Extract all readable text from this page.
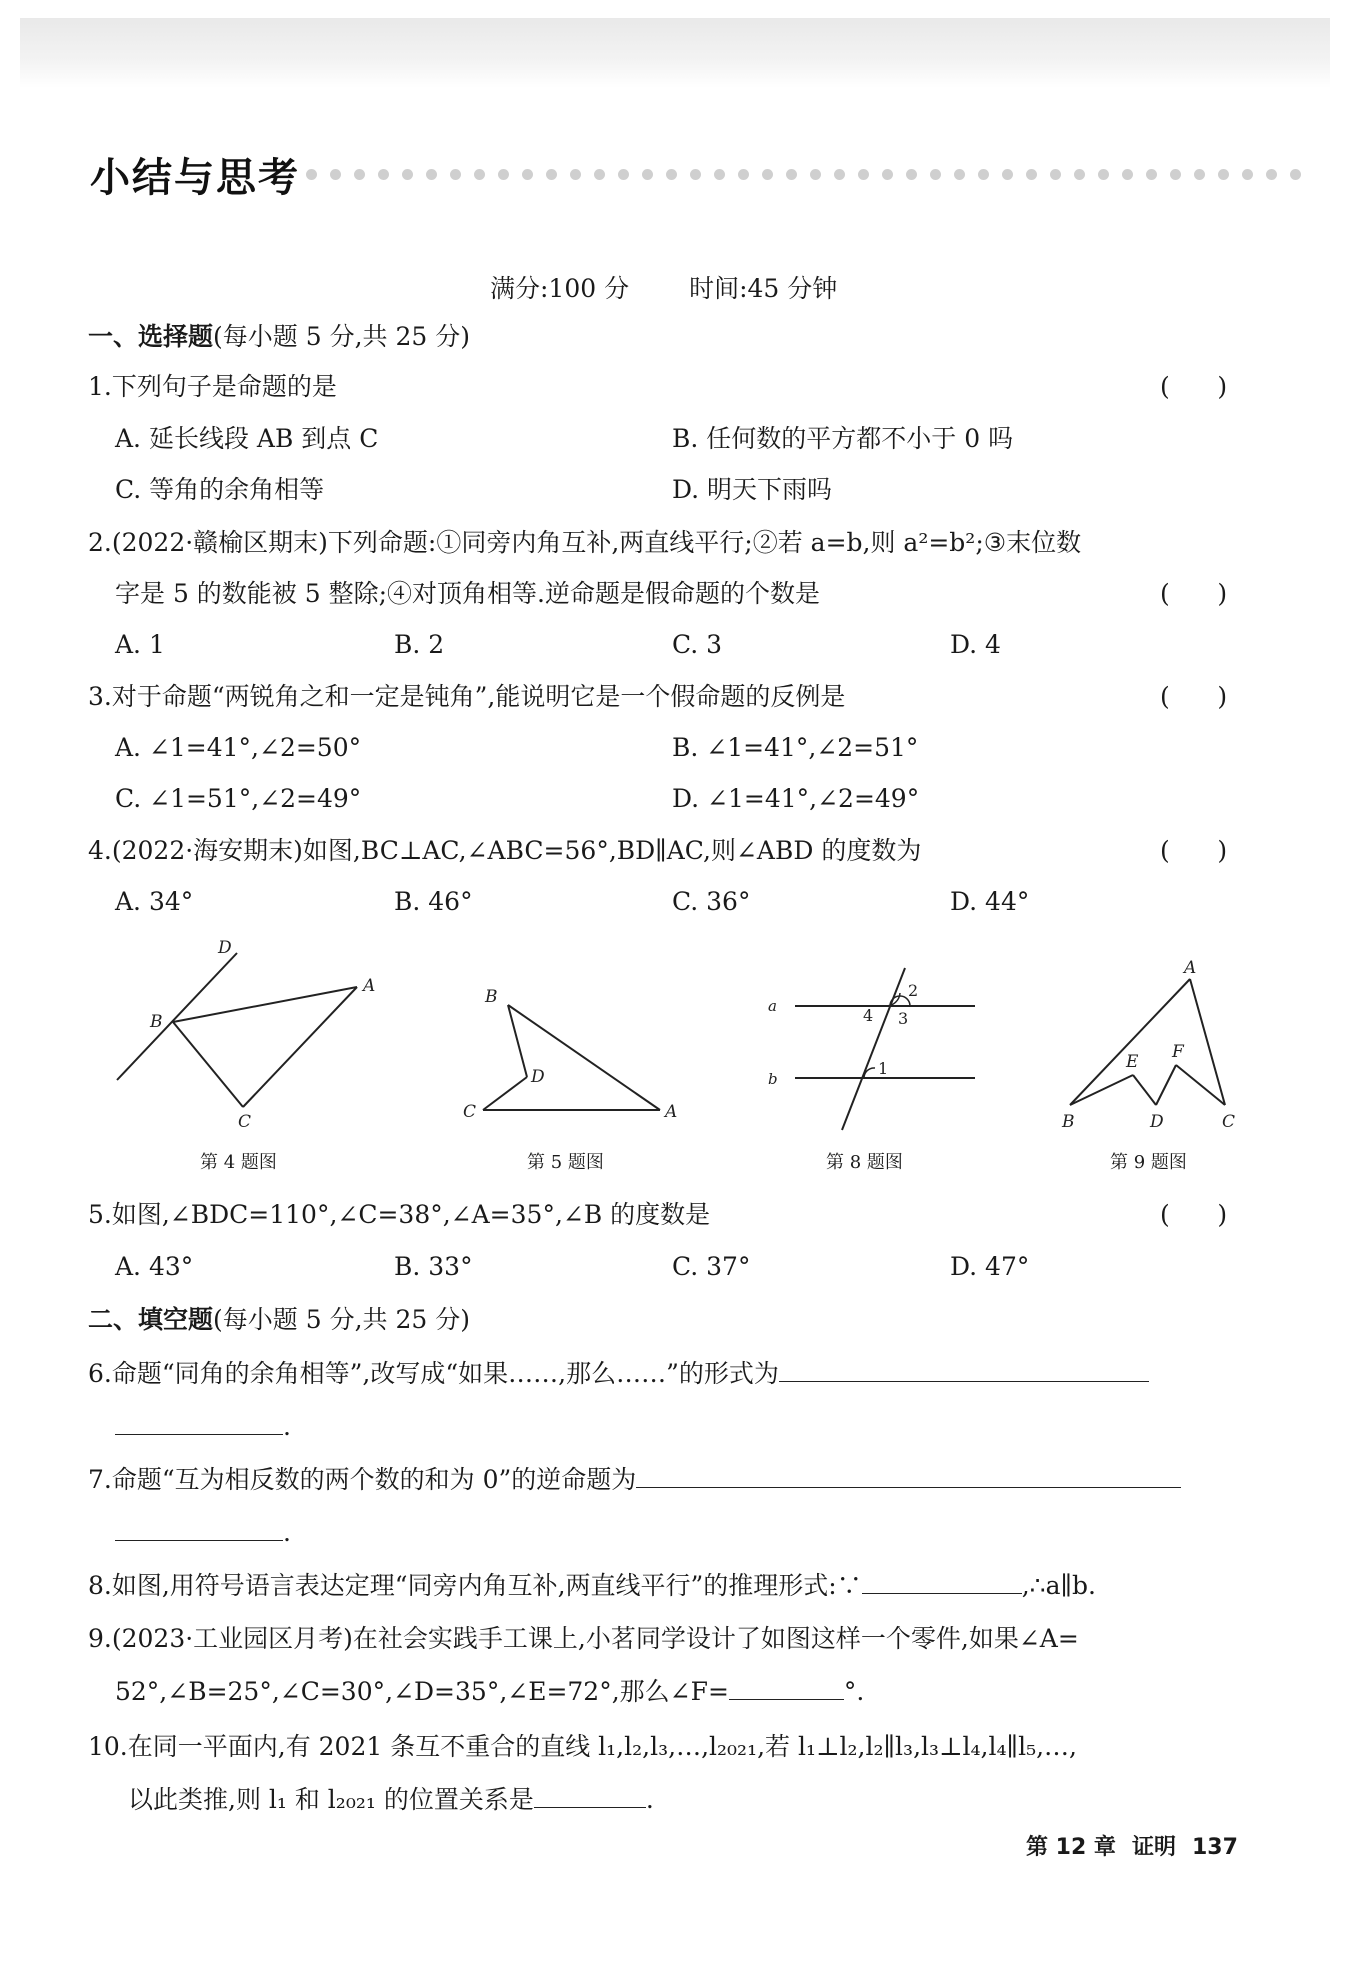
小结与思考
满分:100 分 时间:45 分钟
一、选择题(每小题 5 分,共 25 分)
1.下列句子是命题的是	(      )
A. 延长线段 AB 到点 C	B. 任何数的平方都不小于 0 吗
C. 等角的余角相等	D. 明天下雨吗
2.(2022·赣榆区期末)下列命题:①同旁内角互补,两直线平行;②若 a=b,则 a²=b²;③末位数
字是 5 的数能被 5 整除;④对顶角相等.逆命题是假命题的个数是	(      )
A. 1	B. 2	C. 3	D. 4
3.对于命题“两锐角之和一定是钝角”,能说明它是一个假命题的反例是	(      )
A. ∠1=41°,∠2=50°	B. ∠1=41°,∠2=51°
C. ∠1=51°,∠2=49°	D. ∠1=41°,∠2=49°
4.(2022·海安期末)如图,BC⊥AC,∠ABC=56°,BD∥AC,则∠ABD 的度数为	(      )
A. 34°	B. 46°	C. 36°	D. 44°
D
B
A
C
第 4 题图
B
D
C	A
第 5 题图
a
b
2
4 3
1
第 8 题图
A
F
E
B	D	C
第 9 题图
5.如图,∠BDC=110°,∠C=38°,∠A=35°,∠B 的度数是	(      )
A. 43°	B. 33°	C. 37°	D. 47°
二、填空题(每小题 5 分,共 25 分)
6.命题“同角的余角相等”,改写成“如果……,那么……”的形式为
.
7.命题“互为相反数的两个数的和为 0”的逆命题为
.
8.如图,用符号语言表达定理“同旁内角互补,两直线平行”的推理形式:∵	,∴a∥b.
9.(2023·工业园区月考)在社会实践手工课上,小茗同学设计了如图这样一个零件,如果∠A=
52°,∠B=25°,∠C=30°,∠D=35°,∠E=72°,那么∠F=	°.
10.在同一平面内,有 2021 条互不重合的直线 l₁,l₂,l₃,…,l₂₀₂₁,若 l₁⊥l₂,l₂∥l₃,l₃⊥l₄,l₄∥l₅,…,
以此类推,则 l₁ 和 l₂₀₂₁ 的位置关系是	.
第 12 章 证明 137
